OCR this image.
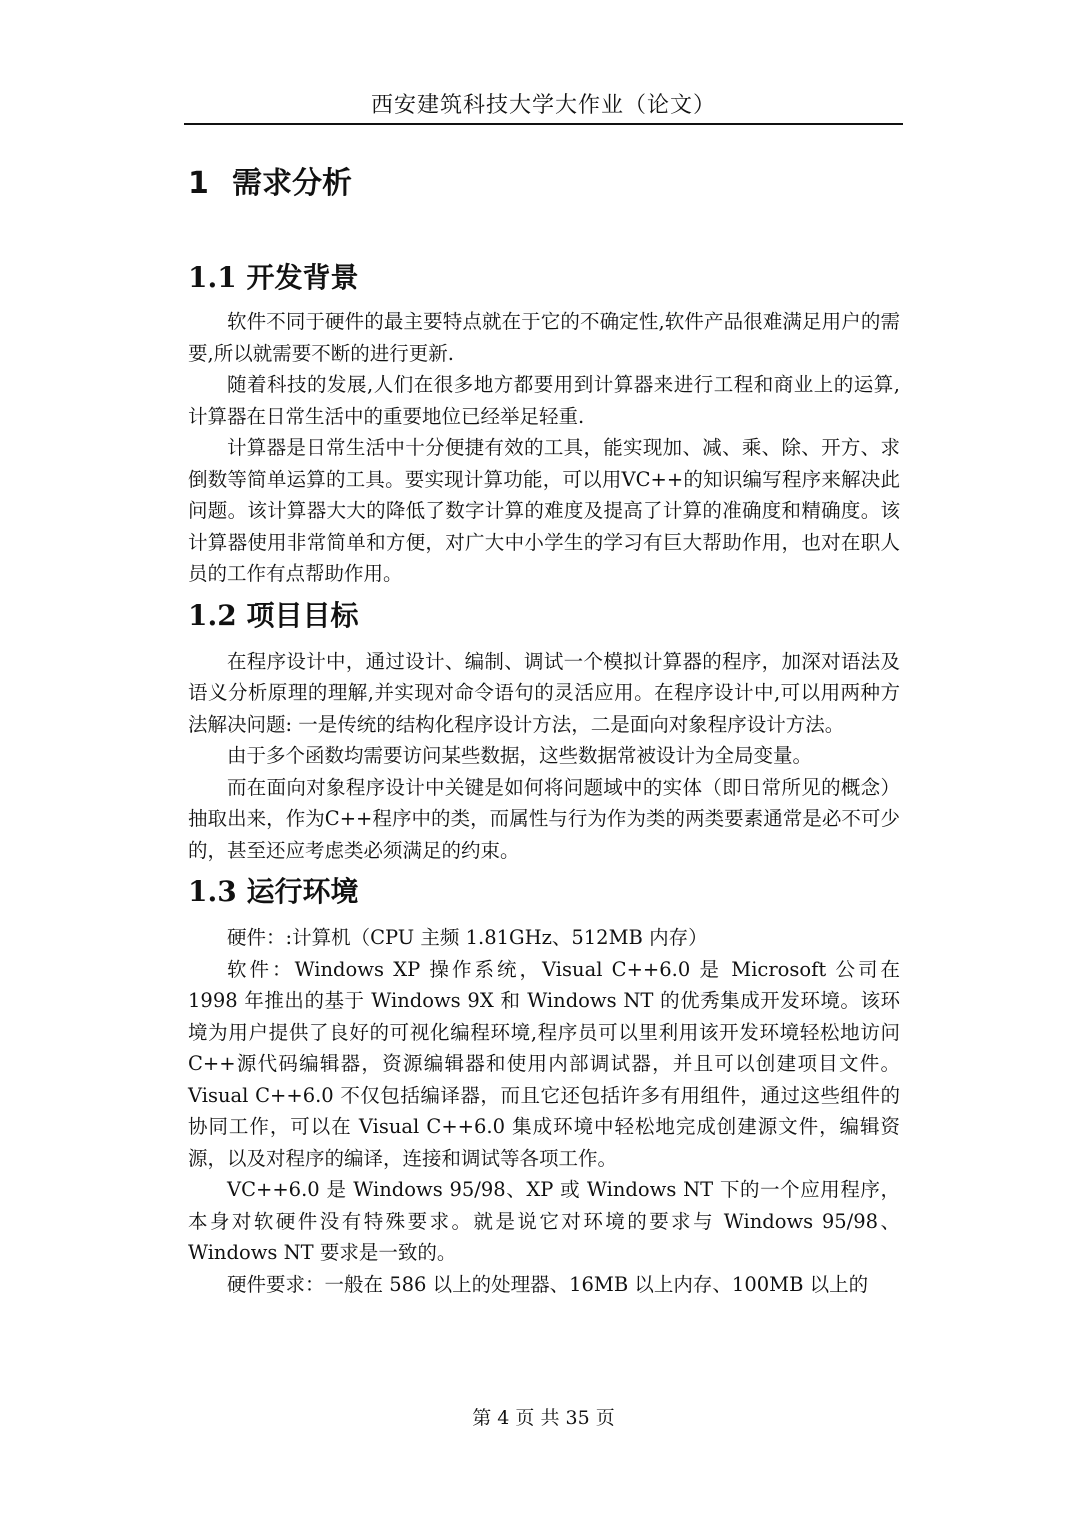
西安建筑科技大学大作业（论文）
1 需求分析
1.1 开发背景

软件不同于硬件的最主要特点就在于它的不确定性,软件产品很难满足用户的需要,所以就需要不断的进行更新.

随着科技的发展,人们在很多地方都要用到计算器来进行工程和商业上的运算,计算器在日常生活中的重要地位已经举足轻重.

计算器是日常生活中十分便捷有效的工具，能实现加、减、乘、除、开方、求倒数等简单运算的工具。要实现计算功能，可以用VC++的知识编写程序来解决此问题。该计算器大大的降低了数字计算的难度及提高了计算的准确度和精确度。该计算器使用非常简单和方便，对广大中小学生的学习有巨大帮助作用，也对在职人员的工作有点帮助作用。

1.2 项目目标

在程序设计中，通过设计、编制、调试一个模拟计算器的程序，加深对语法及语义分析原理的理解,并实现对命令语句的灵活应用。在程序设计中,可以用两种方法解决问题: 一是传统的结构化程序设计方法，二是面向对象程序设计方法。

由于多个函数均需要访问某些数据，这些数据常被设计为全局变量。

而在面向对象程序设计中关键是如何将问题域中的实体（即日常所见的概念）抽取出来，作为C++程序中的类，而属性与行为作为类的两类要素通常是必不可少的，甚至还应考虑类必须满足的约束。

1.3 运行环境

硬件：:计算机（CPU 主频 1.81GHz、512MB 内存）

软件：Windows XP 操作系统，Visual C++6.0 是 Microsoft 公司在 1998 年推出的基于 Windows 9X 和 Windows NT 的优秀集成开发环境。该环境为用户提供了良好的可视化编程环境,程序员可以里利用该开发环境轻松地访问 C++源代码编辑器，资源编辑器和使用内部调试器，并且可以创建项目文件。Visual C++6.0 不仅包括编译器，而且它还包括许多有用组件，通过这些组件的协同工作，可以在 Visual C++6.0 集成环境中轻松地完成创建源文件，编辑资源，以及对程序的编译，连接和调试等各项工作。

VC++6.0 是 Windows 95/98、XP 或 Windows NT 下的一个应用程序，本身对软硬件没有特殊要求。就是说它对环境的要求与 Windows 95/98、Windows NT 要求是一致的。

硬件要求：一般在 586 以上的处理器、16MB 以上内存、100MB 以上的

第 4 页 共 35 页
